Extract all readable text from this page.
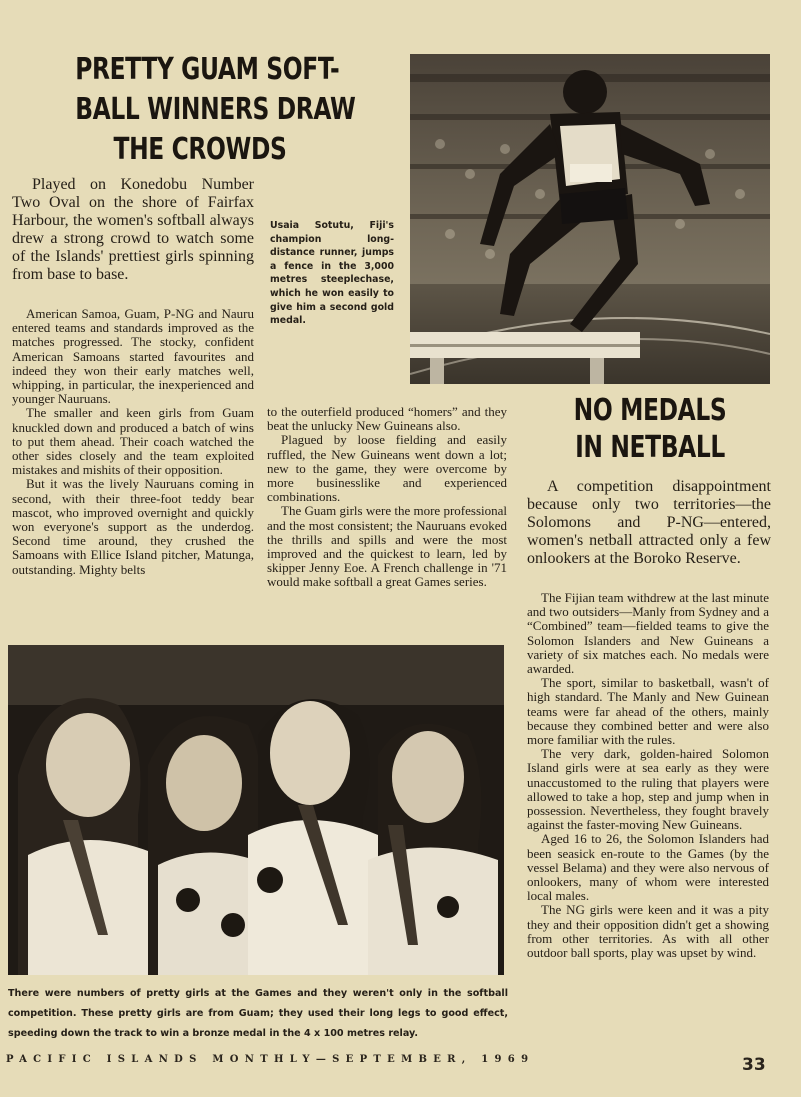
PRETTY GUAM SOFT-
BALL WINNERS DRAW
THE CROWDS

Played on Konedobu Number Two Oval on the shore of Fairfax Harbour, the women's softball always drew a strong crowd to watch some of the Islands' prettiest girls spinning from base to base.

Usaia Sotutu, Fiji's champion long-distance runner, jumps a fence in the 3,000 metres steeplechase, which he won easily to give him a second gold medal.

American Samoa, Guam, P-NG and Nauru entered teams and standards improved as the matches progressed. The stocky, confident American Samoans started favourites and indeed they won their early matches well, whipping, in particular, the inexperienced and younger Nauruans.

The smaller and keen girls from Guam knuckled down and produced a batch of wins to put them ahead. Their coach watched the other sides closely and the team exploited mistakes and mishits of their opposition.

But it was the lively Nauruans coming in second, with their three-foot teddy bear mascot, who improved overnight and quickly won everyone's support as the underdog. Second time around, they crushed the Samoans with Ellice Island pitcher, Matunga, outstanding. Mighty belts

to the outerfield produced “homers” and they beat the unlucky New Guineans also.

Plagued by loose fielding and easily ruffled, the New Guineans went down a lot; new to the game, they were overcome by more businesslike and experienced combinations.

The Guam girls were the more professional and the most consistent; the Nauruans evoked the thrills and spills and were the most improved and the quickest to learn, led by skipper Jenny Eoe. A French challenge in '71 would make softball a great Games series.

NO MEDALS
IN NETBALL

A competition disappointment because only two territories—the Solomons and P-NG—entered, women's netball attracted only a few onlookers at the Boroko Reserve.

The Fijian team withdrew at the last minute and two outsiders—Manly from Sydney and a “Combined” team—fielded teams to give the Solomon Islanders and New Guineans a variety of six matches each. No medals were awarded.

The sport, similar to basketball, wasn't of high standard. The Manly and New Guinean teams were far ahead of the others, mainly because they combined better and were also more familiar with the rules.

The very dark, golden-haired Solomon Island girls were at sea early as they were unaccustomed to the ruling that players were allowed to take a hop, step and jump when in possession. Nevertheless, they fought bravely against the faster-moving New Guineans.

Aged 16 to 26, the Solomon Islanders had been seasick en-route to the Games (by the vessel Belama) and they were also nervous of onlookers, many of whom were interested local males.

The NG girls were keen and it was a pity they and their opposition didn't get a showing from other territories. As with all other outdoor ball sports, play was upset by wind.

There were numbers of pretty girls at the Games and they weren't only in the softball competition. These pretty girls are from Guam; they used their long legs to good effect, speeding down the track to win a bronze medal in the 4 x 100 metres relay.

PACIFIC ISLANDS MONTHLY—SEPTEMBER, 1969	33
